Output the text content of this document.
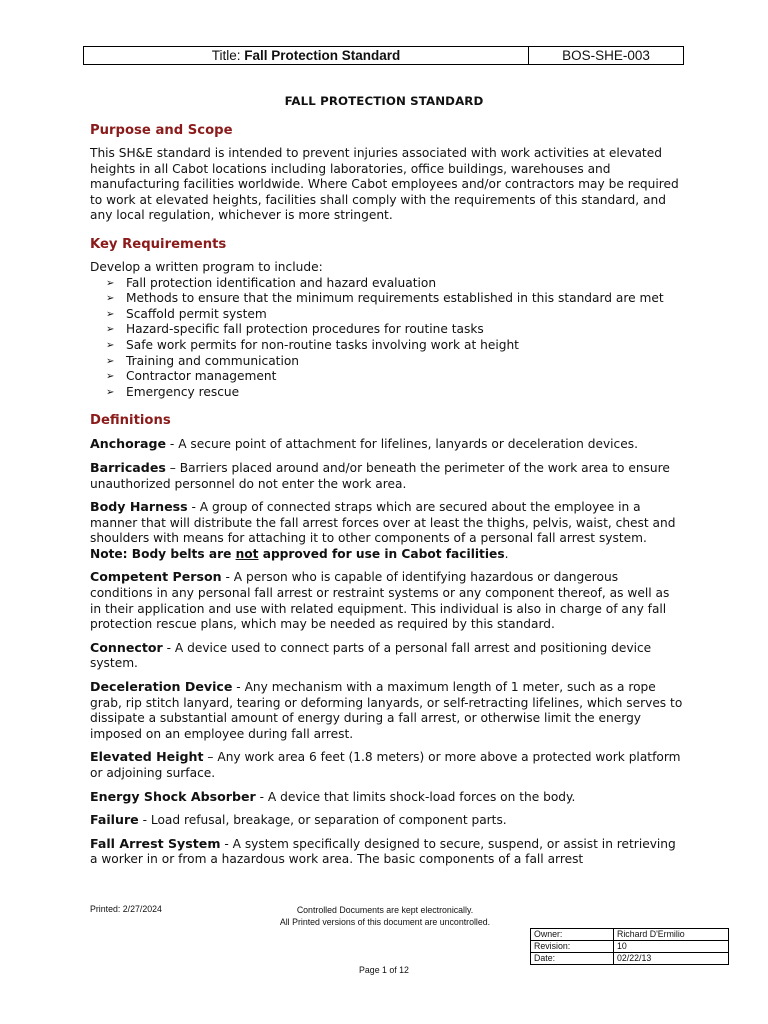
Title: Fall Protection Standard	BOS-SHE-003
FALL PROTECTION STANDARD
Purpose and Scope

This SH&E standard is intended to prevent injuries associated with work activities at elevated heights in all Cabot locations including laboratories, office buildings, warehouses and manufacturing facilities worldwide. Where Cabot employees and/or contractors may be required to work at elevated heights, facilities shall comply with the requirements of this standard, and any local regulation, whichever is more stringent.

Key Requirements

Develop a written program to include:

➢ Fall protection identification and hazard evaluation
➢ Methods to ensure that the minimum requirements established in this standard are met
➢ Scaffold permit system
➢ Hazard-specific fall protection procedures for routine tasks
➢ Safe work permits for non-routine tasks involving work at height
➢ Training and communication
➢ Contractor management
➢ Emergency rescue
Definitions

Anchorage - A secure point of attachment for lifelines, lanyards or deceleration devices.

Barricades – Barriers placed around and/or beneath the perimeter of the work area to ensure unauthorized personnel do not enter the work area.

Body Harness - A group of connected straps which are secured about the employee in a manner that will distribute the fall arrest forces over at least the thighs, pelvis, waist, chest and shoulders with means for attaching it to other components of a personal fall arrest system. Note: Body belts are not approved for use in Cabot facilities.

Competent Person - A person who is capable of identifying hazardous or dangerous conditions in any personal fall arrest or restraint systems or any component thereof, as well as in their application and use with related equipment. This individual is also in charge of any fall protection rescue plans, which may be needed as required by this standard.

Connector - A device used to connect parts of a personal fall arrest and positioning device system.

Deceleration Device - Any mechanism with a maximum length of 1 meter, such as a rope grab, rip stitch lanyard, tearing or deforming lanyards, or self-retracting lifelines, which serves to dissipate a substantial amount of energy during a fall arrest, or otherwise limit the energy imposed on an employee during fall arrest.

Elevated Height – Any work area 6 feet (1.8 meters) or more above a protected work platform or adjoining surface.

Energy Shock Absorber - A device that limits shock-load forces on the body.

Failure - Load refusal, breakage, or separation of component parts.

Fall Arrest System - A system specifically designed to secure, suspend, or assist in retrieving a worker in or from a hazardous work area. The basic components of a fall arrest

Printed: 2/27/2024	Controlled Documents are kept electronically.
All Printed versions of this document are uncontrolled.
Owner:	Richard D'Ermilio
Revision:	10
Date:	02/22/13
Page 1 of 12
